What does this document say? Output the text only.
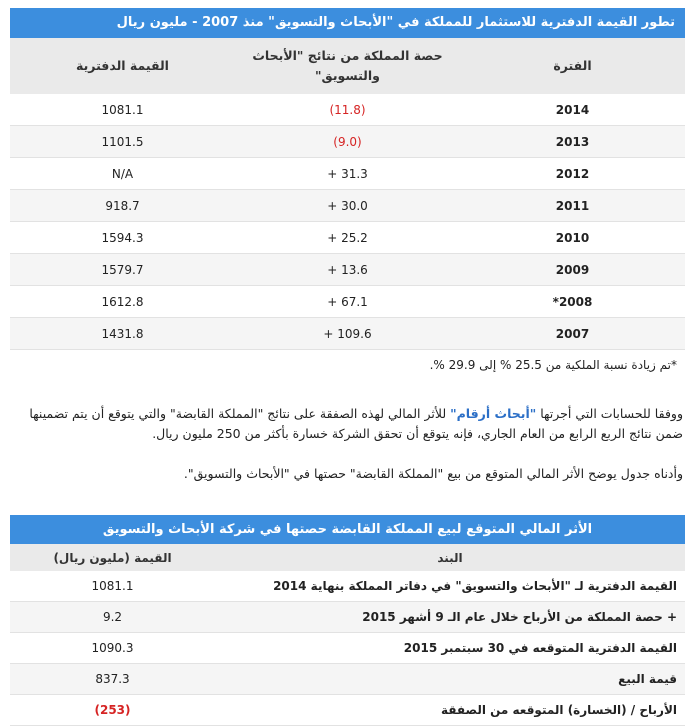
تطور القيمة الدفترية للاستثمار للمملكة في "الأبحاث والتسويق" منذ 2007 - مليون ريال		
الفترة	حصة المملكة من نتائج "الأبحاث والتسويق"	القيمة الدفترية
2014	(11.8)	1081.1
2013	(9.0)	1101.5
2012	31.3 +	N/A
2011	30.0 +	918.7
2010	25.2 +	1594.3
2009	13.6 +	1579.7
2008*	67.1 +	1612.8
2007	109.6 +	1431.8
*تم زيادة نسبة الملكية من 25.5 % إلى 29.9 %.

ووفقا للحسابات التي أجرتها "أبحاث أرقام" للأثر المالي لهذه الصفقة على نتائج "المملكة القابضة" والتي يتوقع أن يتم تضمينها ضمن نتائج الربع الرابع من العام الجاري، فإنه يتوقع أن تحقق الشركة خسارة بأكثر من 250 مليون ريال.

وأدناه جدول يوضح الأثر المالي المتوقع من بيع "المملكة القابضة" حصتها في "الأبحاث والتسويق".

الأثر المالي المتوقع لبيع المملكة القابضة حصتها في شركة الأبحاث والتسويق	
البند	القيمة (مليون ريال)
القيمة الدفترية لـ "الأبحاث والتسويق" في دفاتر المملكة بنهاية 2014	1081.1
+ حصة المملكة من الأرباح خلال عام الـ 9 أشهر 2015	9.2
القيمة الدفترية المتوقعه في 30 سبتمبر 2015	1090.3
قيمة البيع	837.3
الأرباح / (الخسارة) المتوقعه من الصفقة	(253)
